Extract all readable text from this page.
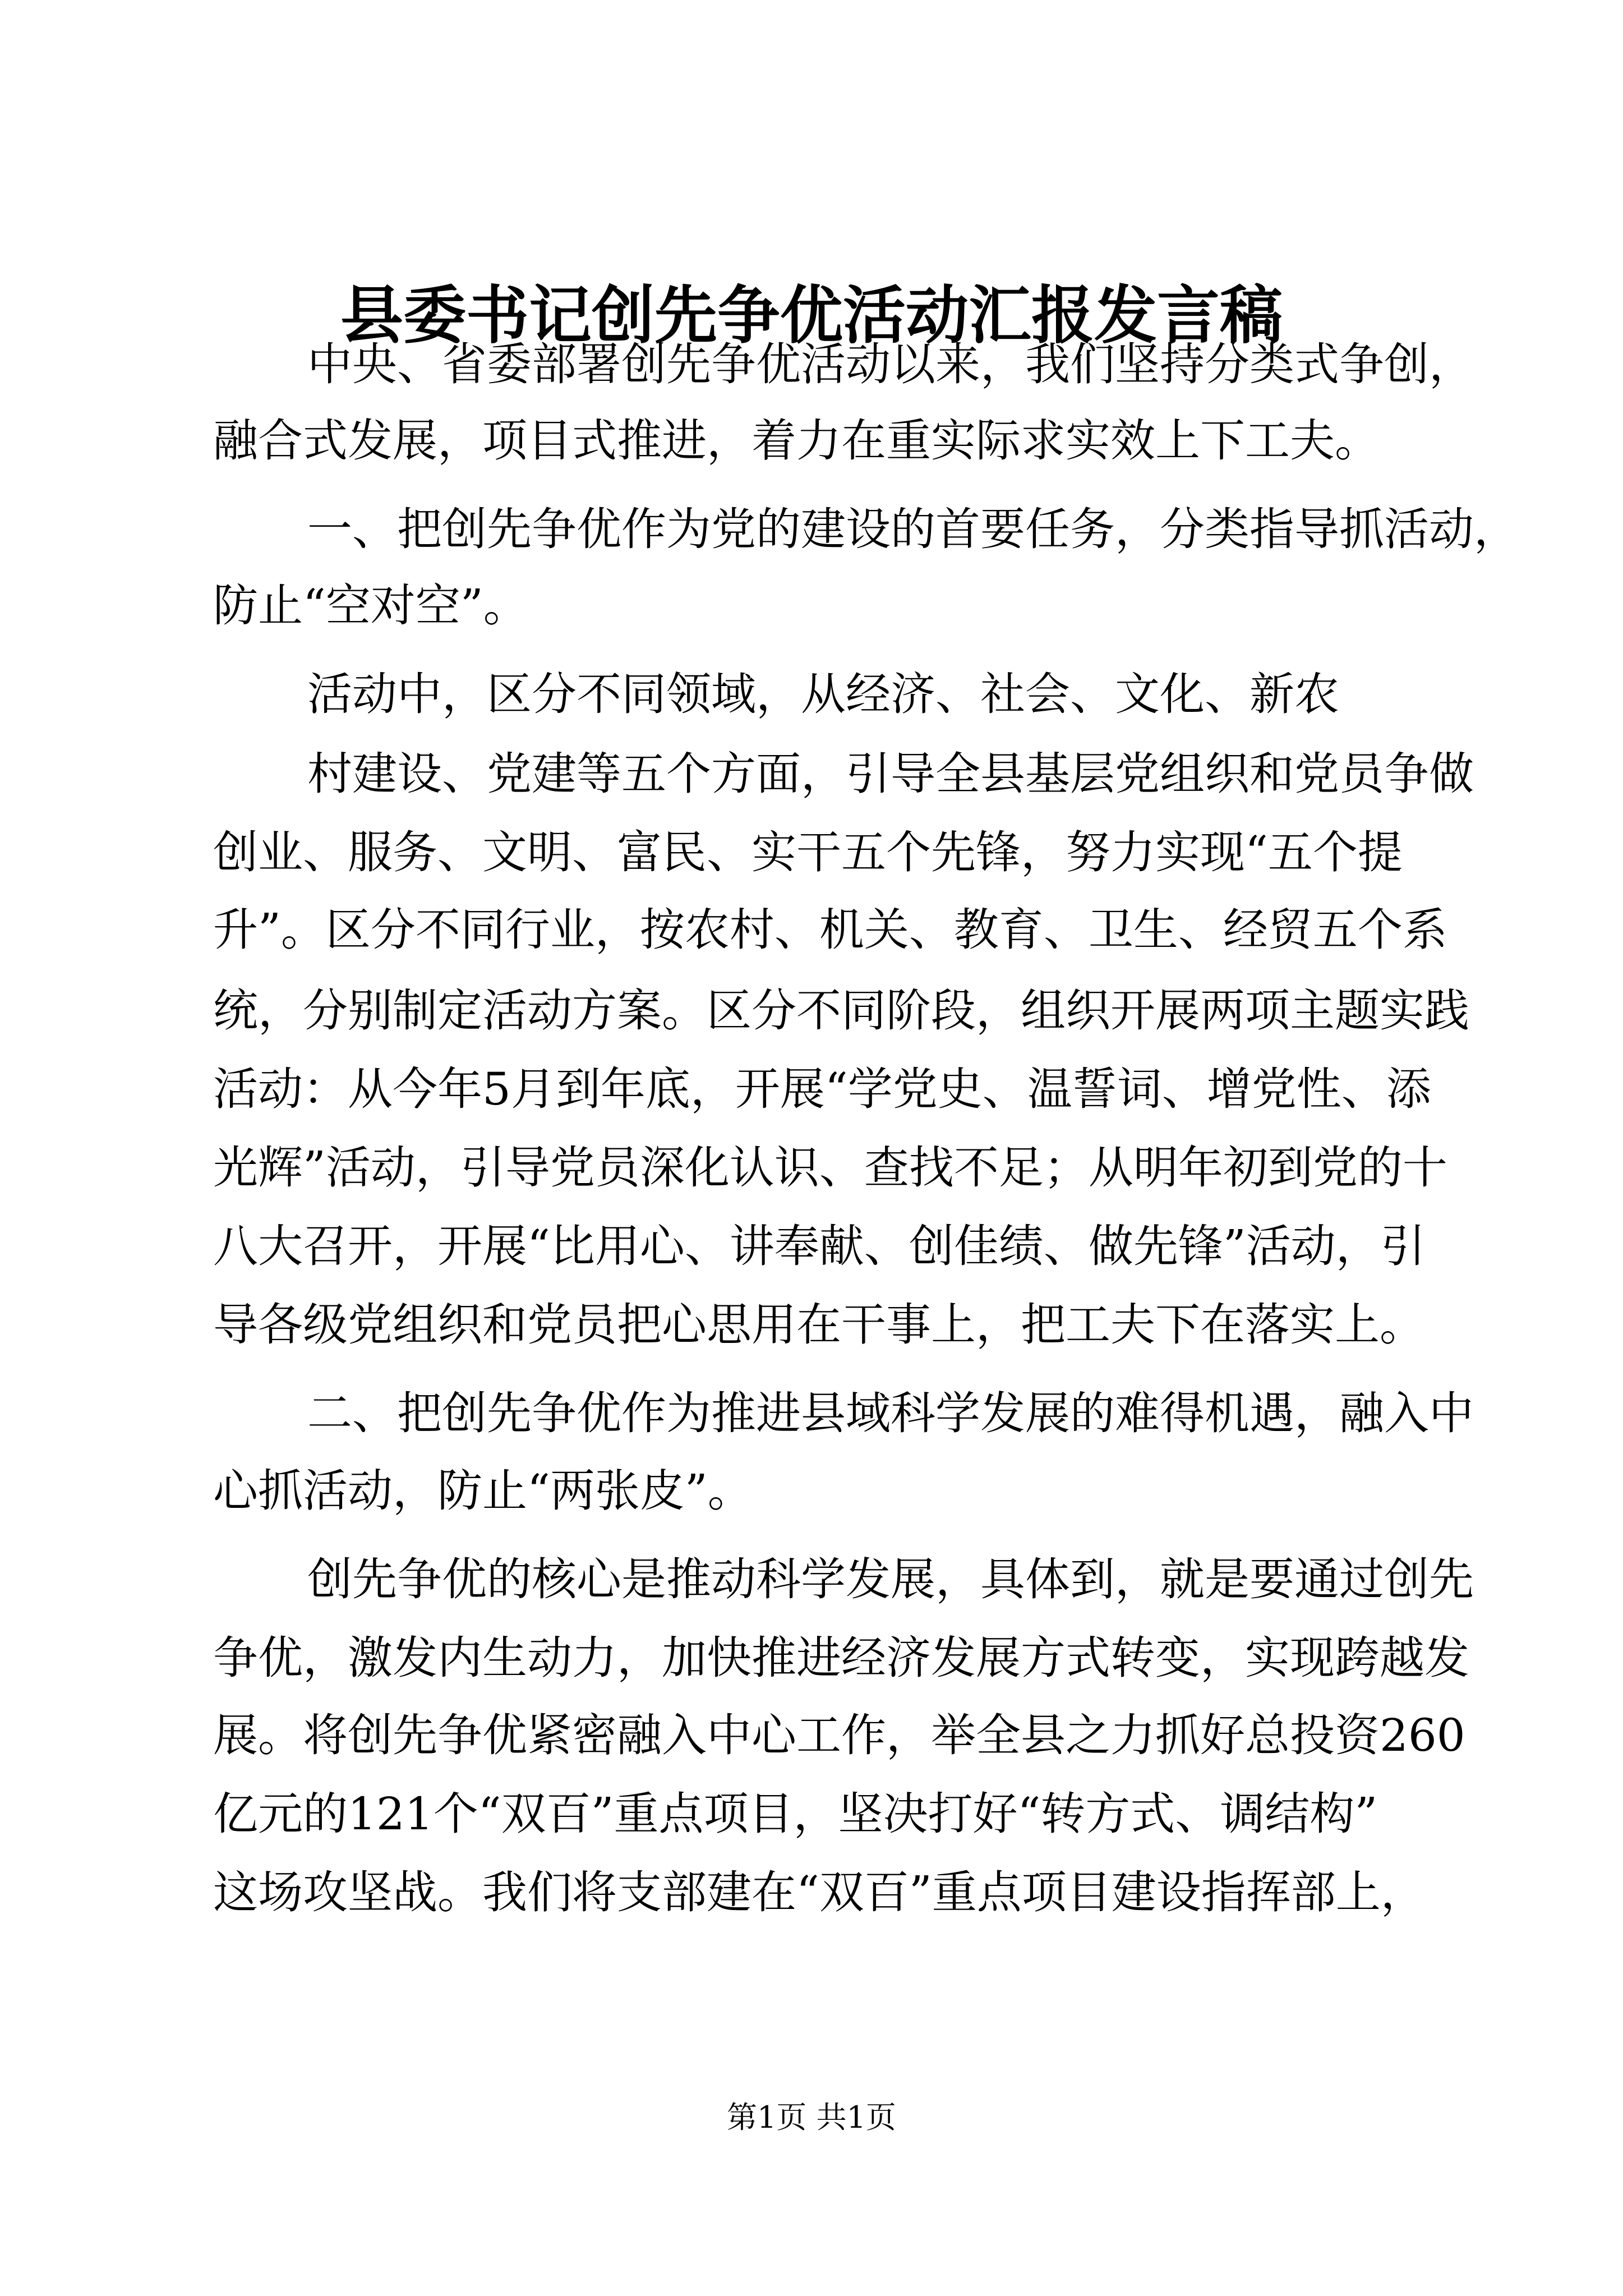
县委书记创先争优活动汇报发言稿

中央、省委部署创先争优活动以来，我们坚持分类式争创，

融合式发展，项目式推进，着力在重实际求实效上下工夫。

一、把创先争优作为党的建设的首要任务，分类指导抓活动，

防止“空对空”。

活动中，区分不同领域，从经济、社会、文化、新农

村建设、党建等五个方面，引导全县基层党组织和党员争做

创业、服务、文明、富民、实干五个先锋，努力实现“五个提

升”。区分不同行业，按农村、机关、教育、卫生、经贸五个系

统，分别制定活动方案。区分不同阶段，组织开展两项主题实践

活动：从今年5月到年底，开展“学党史、温誓词、增党性、添

光辉”活动，引导党员深化认识、查找不足；从明年初到党的十

八大召开，开展“比用心、讲奉献、创佳绩、做先锋”活动，引

导各级党组织和党员把心思用在干事上，把工夫下在落实上。

二、把创先争优作为推进县域科学发展的难得机遇，融入中

心抓活动，防止“两张皮”。

创先争优的核心是推动科学发展，具体到，就是要通过创先

争优，激发内生动力，加快推进经济发展方式转变，实现跨越发

展。将创先争优紧密融入中心工作，举全县之力抓好总投资260

亿元的121个“双百”重点项目，坚决打好“转方式、调结构”

这场攻坚战。我们将支部建在“双百”重点项目建设指挥部上，

第1页 共1页
